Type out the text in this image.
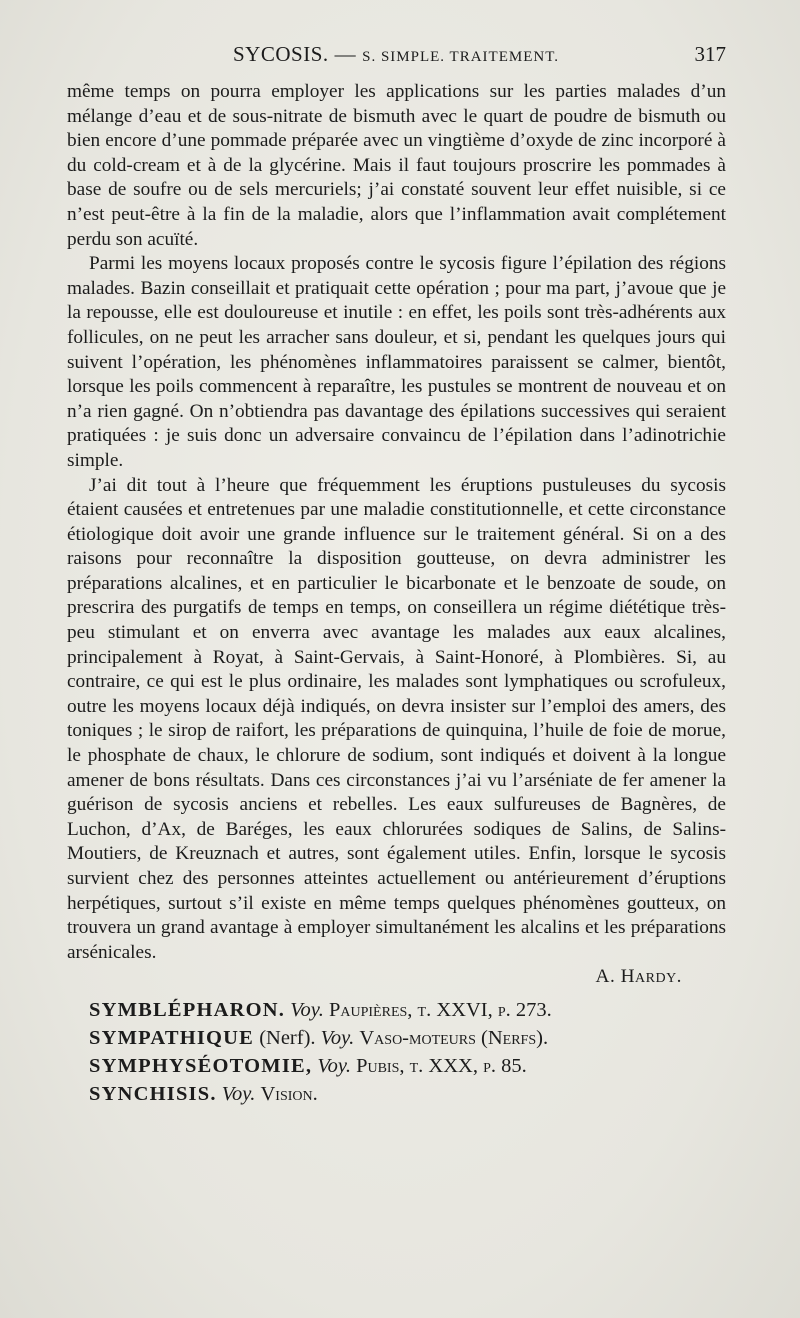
SYCOSIS. — S. SIMPLE. TRAITEMENT.	317

même temps on pourra employer les applications sur les parties malades d’un mélange d’eau et de sous-nitrate de bismuth avec le quart de poudre de bismuth ou bien encore d’une pommade préparée avec un vingtième d’oxyde de zinc incorporé à du cold-cream et à de la glycérine. Mais il faut toujours proscrire les pommades à base de soufre ou de sels mercuriels; j’ai constaté souvent leur effet nuisible, si ce n’est peut-être à la fin de la maladie, alors que l’inflammation avait complétement perdu son acuïté.

Parmi les moyens locaux proposés contre le sycosis figure l’épilation des régions malades. Bazin conseillait et pratiquait cette opération ; pour ma part, j’avoue que je la repousse, elle est douloureuse et inutile : en effet, les poils sont très-adhérents aux follicules, on ne peut les arracher sans douleur, et si, pendant les quelques jours qui suivent l’opération, les phénomènes inflammatoires paraissent se calmer, bientôt, lorsque les poils commencent à reparaître, les pustules se montrent de nouveau et on n’a rien gagné. On n’obtiendra pas davantage des épilations successives qui seraient pratiquées : je suis donc un adversaire convaincu de l’épilation dans l’adinotrichie simple.

J’ai dit tout à l’heure que fréquemment les éruptions pustuleuses du sycosis étaient causées et entretenues par une maladie constitutionnelle, et cette circonstance étiologique doit avoir une grande influence sur le traitement général. Si on a des raisons pour reconnaître la disposition goutteuse, on devra administrer les préparations alcalines, et en particulier le bicarbonate et le benzoate de soude, on prescrira des purgatifs de temps en temps, on conseillera un régime diététique très-peu stimulant et on enverra avec avantage les malades aux eaux alcalines, principalement à Royat, à Saint-Gervais, à Saint-Honoré, à Plombières. Si, au contraire, ce qui est le plus ordinaire, les malades sont lymphatiques ou scrofuleux, outre les moyens locaux déjà indiqués, on devra insister sur l’emploi des amers, des toniques ; le sirop de raifort, les préparations de quinquina, l’huile de foie de morue, le phosphate de chaux, le chlorure de sodium, sont indiqués et doivent à la longue amener de bons résultats. Dans ces circonstances j’ai vu l’arséniate de fer amener la guérison de sycosis anciens et rebelles. Les eaux sulfureuses de Bagnères, de Luchon, d’Ax, de Baréges, les eaux chlorurées sodiques de Salins, de Salins-Moutiers, de Kreuznach et autres, sont également utiles. Enfin, lorsque le sycosis survient chez des personnes atteintes actuellement ou antérieurement d’éruptions herpétiques, surtout s’il existe en même temps quelques phénomènes goutteux, on trouvera un grand avantage à employer simultanément les alcalins et les préparations arsénicales.

A. Hardy.

SYMBLÉPHARON. Voy. Paupières, t. XXVI, p. 273.
SYMPATHIQUE (Nerf). Voy. Vaso-moteurs (Nerfs).
SYMPHYSÉOTOMIE, Voy. Pubis, t. XXX, p. 85.
SYNCHISIS. Voy. Vision.
